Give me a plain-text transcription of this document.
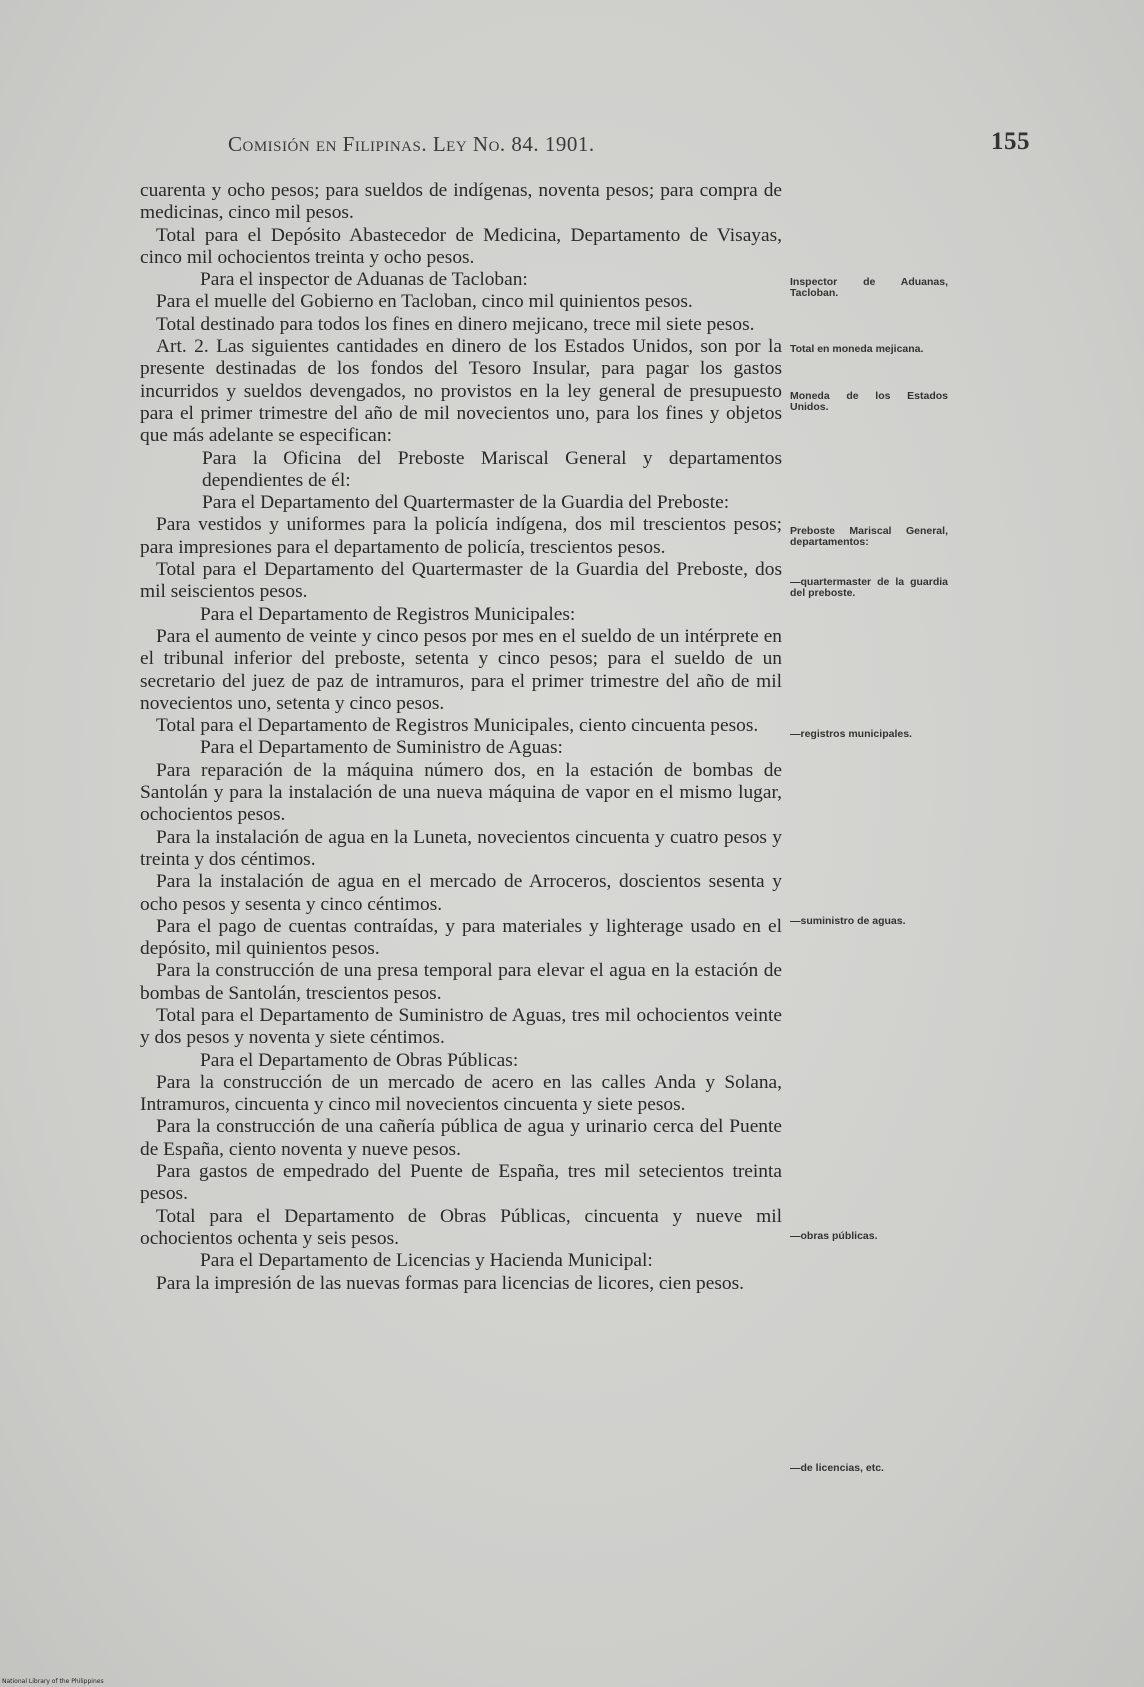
Comisión en Filipinas. Ley No. 84. 1901.	155

cuarenta y ocho pesos; para sueldos de indígenas, noventa pesos; para compra de medicinas, cinco mil pesos.

Total para el Depósito Abastecedor de Medicina, Departamento de Visayas, cinco mil ochocientos treinta y ocho pesos.

Para el inspector de Aduanas de Tacloban:

Para el muelle del Gobierno en Tacloban, cinco mil quinientos pesos.

Total destinado para todos los fines en dinero mejicano, trece mil siete pesos.

Art. 2. Las siguientes cantidades en dinero de los Estados Unidos, son por la presente destinadas de los fondos del Tesoro Insular, para pagar los gastos incurridos y sueldos devengados, no provistos en la ley general de presupuesto para el primer trimestre del año de mil novecientos uno, para los fines y objetos que más adelante se especifican:

Para la Oficina del Preboste Mariscal General y departamentos dependientes de él:

Para el Departamento del Quartermaster de la Guardia del Preboste:

Para vestidos y uniformes para la policía indígena, dos mil trescientos pesos; para impresiones para el departamento de policía, trescientos pesos.

Total para el Departamento del Quartermaster de la Guardia del Preboste, dos mil seiscientos pesos.

Para el Departamento de Registros Municipales:

Para el aumento de veinte y cinco pesos por mes en el sueldo de un intérprete en el tribunal inferior del preboste, setenta y cinco pesos; para el sueldo de un secretario del juez de paz de intramuros, para el primer trimestre del año de mil novecientos uno, setenta y cinco pesos.

Total para el Departamento de Registros Municipales, ciento cincuenta pesos.

Para el Departamento de Suministro de Aguas:

Para reparación de la máquina número dos, en la estación de bombas de Santolán y para la instalación de una nueva máquina de vapor en el mismo lugar, ochocientos pesos.

Para la instalación de agua en la Luneta, novecientos cincuenta y cuatro pesos y treinta y dos céntimos.

Para la instalación de agua en el mercado de Arroceros, doscientos sesenta y ocho pesos y sesenta y cinco céntimos.

Para el pago de cuentas contraídas, y para materiales y lighterage usado en el depósito, mil quinientos pesos.

Para la construcción de una presa temporal para elevar el agua en la estación de bombas de Santolán, trescientos pesos.

Total para el Departamento de Suministro de Aguas, tres mil ochocientos veinte y dos pesos y noventa y siete céntimos.

Para el Departamento de Obras Públicas:

Para la construcción de un mercado de acero en las calles Anda y Solana, Intramuros, cincuenta y cinco mil novecientos cincuenta y siete pesos.

Para la construcción de una cañería pública de agua y urinario cerca del Puente de España, ciento noventa y nueve pesos.

Para gastos de empedrado del Puente de España, tres mil setecientos treinta pesos.

Total para el Departamento de Obras Públicas, cincuenta y nueve mil ochocientos ochenta y seis pesos.

Para el Departamento de Licencias y Hacienda Municipal:

Para la impresión de las nuevas formas para licencias de licores, cien pesos.

Inspector de Aduanas, Tacloban.
Total en moneda mejicana.
Moneda de los Estados Unidos.
Preboste Mariscal General, departamentos:
—quartermaster de la guardia del preboste.
—registros municipales.
—suministro de aguas.
—obras públicas.
—de licencias, etc.
National Library of the Philippines
